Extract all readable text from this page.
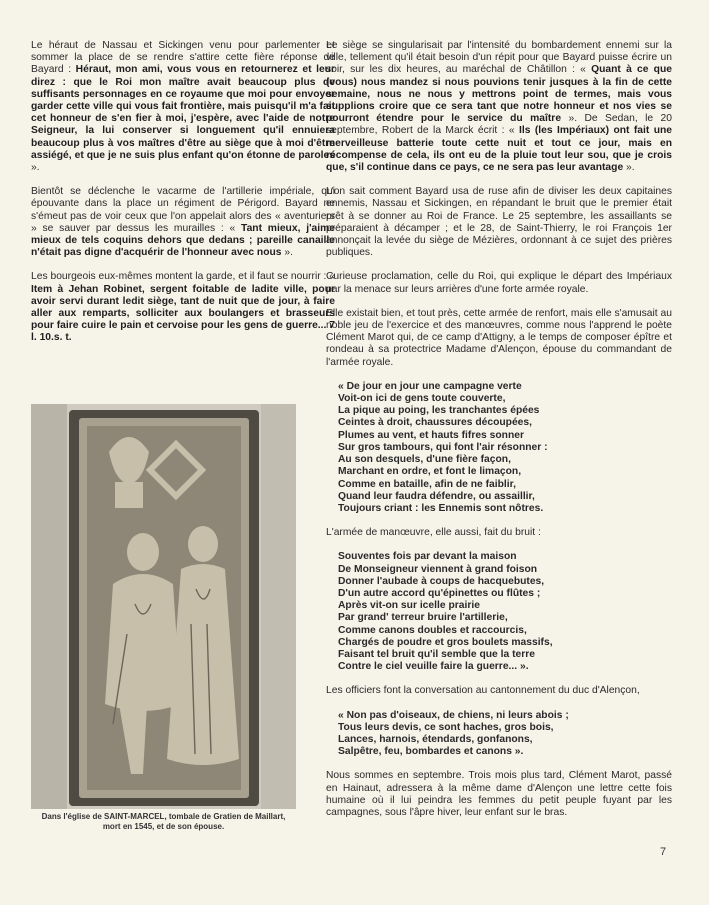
Le héraut de Nassau et Sickingen venu pour parlementer et sommer la place de se rendre s'attire cette fière réponse de Bayard : Héraut, mon ami, vous vous en retournerez et leur direz : que le Roi mon maître avait beaucoup plus de suffisants personnages en ce royaume que moi pour envoyer garder cette ville qui vous fait frontière, mais puisqu'il m'a fait cet honneur de s'en fier à moi, j'espère, avec l'aide de notre Seigneur, la lui conserver si longuement qu'il ennuiera beaucoup plus à vos maîtres d'être au siège que à moi d'être assiégé, et que je ne suis plus enfant qu'on étonne de paroles ».

Bientôt se déclenche le vacarme de l'artillerie impériale, qui épouvante dans la place un régiment de Périgord. Bayard ne s'émeut pas de voir ceux que l'on appelait alors des « aventuriers » se sauver par dessus les murailles : « Tant mieux, j'aime mieux de tels coquins dehors que dedans ; pareille canaille n'était pas digne d'acquérir de l'honneur avec nous ».

Les bourgeois eux-mêmes montent la garde, et il faut se nourrir : « Item à Jehan Robinet, sergent foitable de ladite ville, pour avoir servi durant ledit siège, tant de nuit que de jour, à faire aller aux remparts, solliciter aux boulangers et brasseurs pour faire cuire le pain et cervoise pour les gens de guerre... 7 l. 10.s. t.

Dans l'église de SAINT-MARCEL, tombale de Gratien de Maillart,
mort en 1545, et de son épouse.

Le siège se singularisait par l'intensité du bombardement ennemi sur la ville, tellement qu'il était besoin d'un répit pour que Bayard puisse écrire un soir, sur les dix heures, au maréchal de Châtillon : « Quant à ce que (vous) nous mandez si nous pouvions tenir jusques à la fin de cette semaine, nous ne nous y mettrons point de termes, mais vous supplions croire que ce sera tant que notre honneur et nos vies se pourront étendre pour le service du maître ». De Sedan, le 20 septembre, Robert de la Marck écrit : « Ils (les Impériaux) ont fait une merveilleuse batterie toute cette nuit et tout ce jour, mais en récompense de cela, ils ont eu de la pluie tout leur sou, que je crois que, s'il continue dans ce pays, ce ne sera pas leur avantage ».

L'on sait comment Bayard usa de ruse afin de diviser les deux capitaines ennemis, Nassau et Sickingen, en répandant le bruit que le premier était prêt à se donner au Roi de France. Le 25 septembre, les assaillants se préparaient à décamper ; et le 28, de Saint-Thierry, le roi François 1er annonçait la levée du siège de Mézières, ordonnant à ce sujet des prières publiques.

Curieuse proclamation, celle du Roi, qui explique le départ des Impériaux par la menace sur leurs arrières d'une forte armée royale.

Elle existait bien, et tout près, cette armée de renfort, mais elle s'amusait au noble jeu de l'exercice et des manœuvres, comme nous l'apprend le poète Clément Marot qui, de ce camp d'Attigny, a le temps de composer épître et rondeau à sa protectrice Madame d'Alençon, épouse du commandant de l'armée royale.

« De jour en jour une campagne verte
Voit-on ici de gens toute couverte,
La pique au poing, les tranchantes épées
Ceintes à droit, chaussures découpées,
Plumes au vent, et hauts fifres sonner
Sur gros tambours, qui font l'air résonner :
Au son desquels, d'une fière façon,
Marchant en ordre, et font le limaçon,
Comme en bataille, afin de ne faiblir,
Quand leur faudra défendre, ou assaillir,
Toujours criant : les Ennemis sont nôtres.

L'armée de manœuvre, elle aussi, fait du bruit :

Souventes fois par devant la maison
De Monseigneur viennent à grand foison
Donner l'aubade à coups de hacquebutes,
D'un autre accord qu'épinettes ou flûtes ;
Après vit-on sur icelle prairie
Par grand' terreur bruire l'artillerie,
Comme canons doubles et raccourcis,
Chargés de poudre et gros boulets massifs,
Faisant tel bruit qu'il semble que la terre
Contre le ciel veuille faire la guerre... ».

Les officiers font la conversation au cantonnement du duc d'Alençon,

« Non pas d'oiseaux, de chiens, ni leurs abois ;
Tous leurs devis, ce sont haches, gros bois,
Lances, harnois, étendards, gonfanons,
Salpêtre, feu, bombardes et canons ».

Nous sommes en septembre. Trois mois plus tard, Clément Marot, passé en Hainaut, adressera à la même dame d'Alençon une lettre cette fois humaine où il lui peindra les femmes du petit peuple fuyant par les campagnes, sous l'âpre hiver, leur enfant sur le bras.

7
